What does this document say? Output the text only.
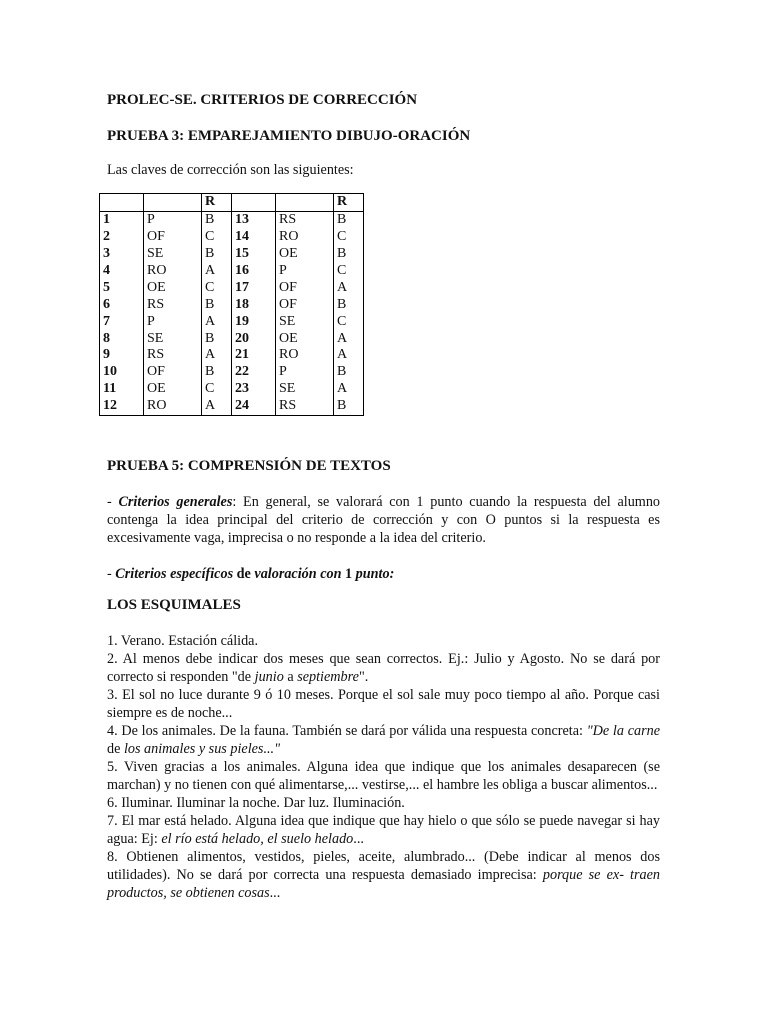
PROLEC-SE. CRITERIOS DE CORRECCIÓN
PRUEBA 3: EMPAREJAMIENTO DIBUJO-ORACIÓN
Las claves de corrección son las siguientes:
		R			R
1	P	B	13	RS	B
2	OF	C	14	RO	C
3	SE	B	15	OE	B
4	RO	A	16	P	C
5	OE	C	17	OF	A
6	RS	B	18	OF	B
7	P	A	19	SE	C
8	SE	B	20	OE	A
9	RS	A	21	RO	A
10	OF	B	22	P	B
11	OE	C	23	SE	A
12	RO	A	24	RS	B
PRUEBA 5: COMPRENSIÓN DE TEXTOS
- Criterios generales: En general, se valorará con 1 punto cuando la respuesta del alumno contenga la idea principal del criterio de corrección y con O puntos si la respuesta es excesivamente vaga, imprecisa o no responde a la idea del criterio.
- Criterios específicos de valoración con 1 punto:
LOS ESQUIMALES
1. Verano. Estación cálida.
2. Al menos debe indicar dos meses que sean correctos. Ej.: Julio y Agosto. No se dará por correcto si responden "de junio a septiembre".
3. El sol no luce durante 9 ó 10 meses. Porque el sol sale muy poco tiempo al año. Porque casi siempre es de noche...
4. De los animales. De la fauna. También se dará por válida una respuesta concreta: "De la carne de los animales y sus pieles..."
5. Viven gracias a los animales. Alguna idea que indique que los animales desaparecen (se marchan) y no tienen con qué alimentarse,... vestirse,... el hambre les obliga a buscar alimentos...
6. Iluminar. Iluminar la noche. Dar luz. Iluminación.
7. El mar está helado. Alguna idea que indique que hay hielo o que sólo se puede navegar si hay agua: Ej: el río está helado, el suelo helado...
8. Obtienen alimentos, vestidos, pieles, aceite, alumbrado... (Debe indicar al menos dos utilidades). No se dará por correcta una respuesta demasiado imprecisa: porque se ex- traen productos, se obtienen cosas...
